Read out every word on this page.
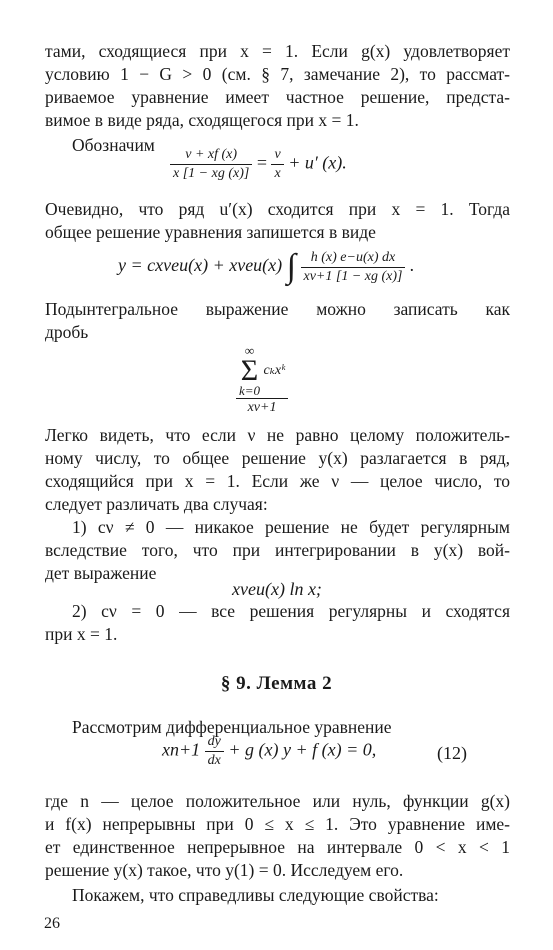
тами, сходящиеся при x = 1. Если g(x) удовлетворяет
условию 1 − G > 0 (см. § 7, замечание 2), то рассмат-
риваемое уравнение имеет частное решение, предста-
вимое в виде ряда, сходящегося при x = 1.
Обозначим
$\frac{\nu + xf (x)}{x [1 - xg (x)]} = \frac{\nu}{x} + u'$ (x).
Очевидно, что ряд u′(x) сходится при x = 1. Тогда
общее решение уравнения запишется в виде
y = cxνeu(x) + xνeu(x) ∫ $\frac{h (x) e-u(x) dx}{x\nu+1 [1 - xg (x)]}$ .
Подынтегральное выражение можно записать как
дробь
∞
Σ
k=0
cₖxᵏ
xν+1
Легко видеть, что если ν не равно целому положитель-
ному числу, то общее решение y(x) разлагается в ряд,
сходящийся при x = 1. Если же ν — целое число, то
следует различать два случая:
1) cν ≠ 0 — никакое решение не будет регулярным
вследствие того, что при интегрировании в y(x) вой-
дет выражение
xνeu(x) ln x;
2) cν = 0 — все решения регулярны и сходятся
при x = 1.
§ 9. Лемма 2
Рассмотрим дифференциальное уравнение
$xn+1 \frac{dy}{dx} + g$ (x) y + f (x) = 0,	(12)
где n — целое положительное или нуль, функции g(x)
и f(x) непрерывны при 0 ≤ x ≤ 1. Это уравнение име-
ет единственное непрерывное на интервале 0 < x < 1
решение y(x) такое, что y(1) = 0. Исследуем его.
Покажем, что справедливы следующие свойства:
26
